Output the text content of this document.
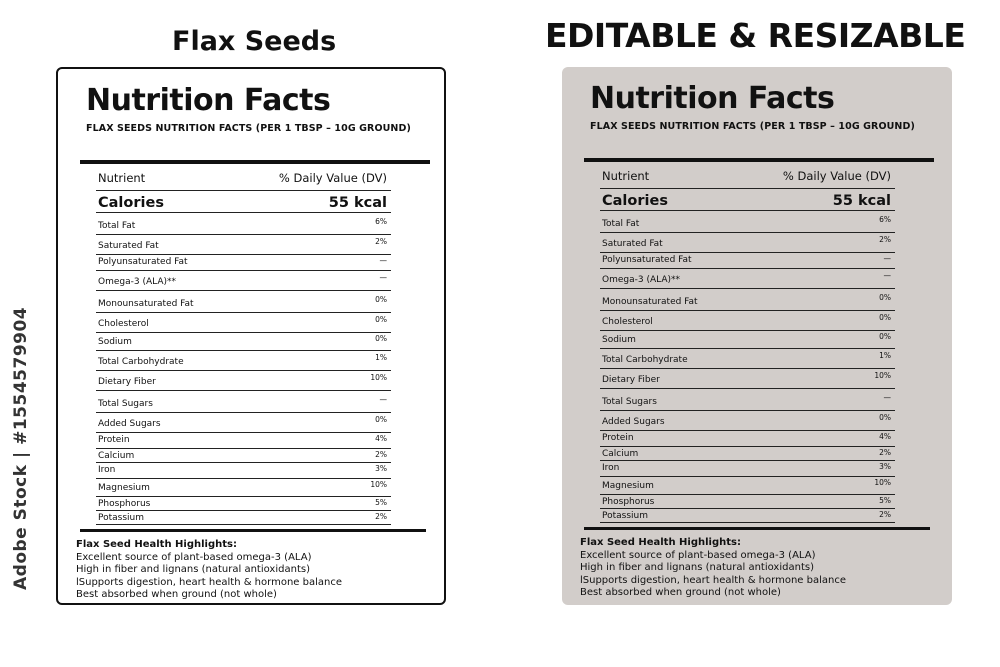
Flax Seeds	EDITABLE & RESIZABLE
Nutrition Facts
FLAX SEEDS NUTRITION FACTS (PER 1 TBSP – 10G GROUND)
Nutrient	% Daily Value (DV)
Calories	55 kcal
Total Fat	6%
Saturated Fat	2%
Polyunsaturated Fat	—
Omega-3 (ALA)**	—
Monounsaturated Fat	0%
Cholesterol	0%
Sodium	0%
Total Carbohydrate	1%
Dietary Fiber	10%
Total Sugars	—
Added Sugars	0%
Protein	4%
Calcium	2%
Iron	3%
Magnesium	10%
Phosphorus	5%
Potassium	2%
Flax Seed Health Highlights:
Excellent source of plant-based omega-3 (ALA)
High in fiber and lignans (natural antioxidants)
lSupports digestion, heart health & hormone balance
Best absorbed when ground (not whole)
Nutrition Facts
FLAX SEEDS NUTRITION FACTS (PER 1 TBSP – 10G GROUND)
Nutrient	% Daily Value (DV)
Calories	55 kcal
Total Fat	6%
Saturated Fat	2%
Polyunsaturated Fat	—
Omega-3 (ALA)**	—
Monounsaturated Fat	0%
Cholesterol	0%
Sodium	0%
Total Carbohydrate	1%
Dietary Fiber	10%
Total Sugars	—
Added Sugars	0%
Protein	4%
Calcium	2%
Iron	3%
Magnesium	10%
Phosphorus	5%
Potassium	2%
Flax Seed Health Highlights:
Excellent source of plant-based omega-3 (ALA)
High in fiber and lignans (natural antioxidants)
lSupports digestion, heart health & hormone balance
Best absorbed when ground (not whole)
Adobe Stock | #1554579904
